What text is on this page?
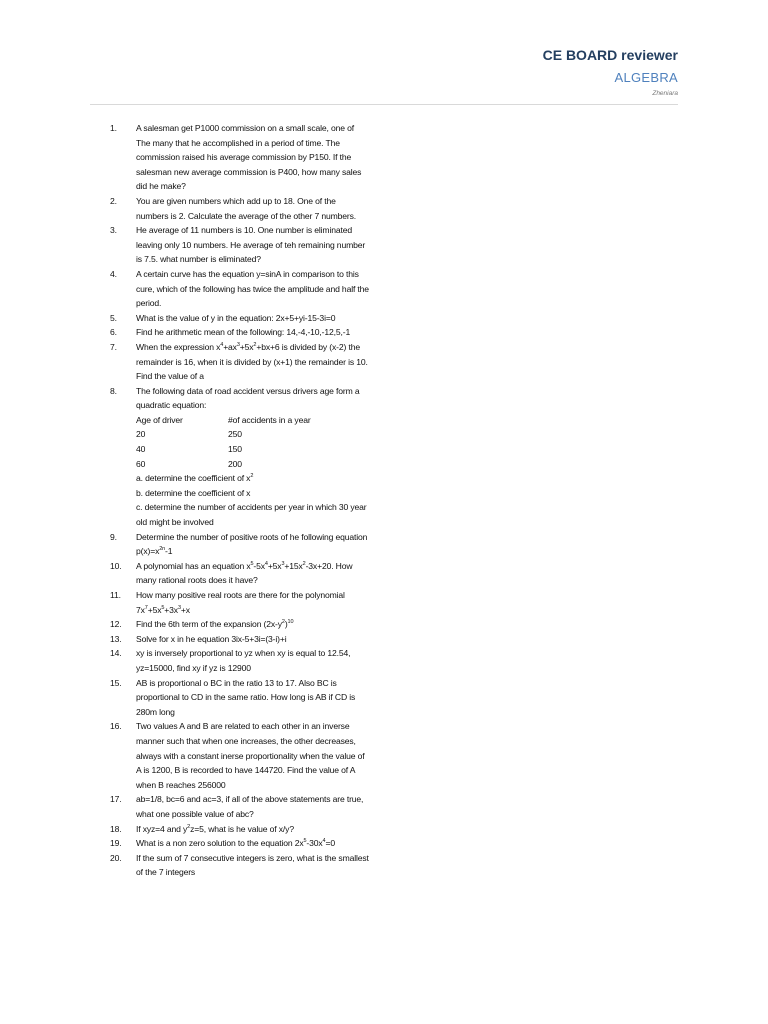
CE BOARD reviewer
ALGEBRA
Zheniara
1.	A salesman get P1000 commission on a small scale, one of The many that he accomplished in a period of time. The commission raised his average commission by P150. If the salesman new average commission is P400, how many sales did he make?

2.	You are given numbers which add up to 18. One of the numbers is 2. Calculate the average of the other 7 numbers.

3.	He average of 11 numbers is 10. One number is eliminated leaving only 10 numbers. He average of teh remaining number is 7.5. what number is eliminated?

4.	A certain curve has the equation y=sinA in comparison to this cure, which of the following has twice the amplitude and half the period.

5.	What is the value of y in the equation: 2x+5+yi-15-3i=0

6.	Find he arithmetic mean of the following: 14,-4,-10,-12,5,-1

7.	When the expression $x^4+ax^3+5x^2+bx+6$ is divided by (x-2) the remainder is 16, when it is divided by (x+1) the remainder is 10. Find the value of a

8.	The following data of road accident versus drivers age form a quadratic equation:

Age of driver	#of accidents in a year
20	250
40	150
60	200

a. determine the coefficient of $x^2$

b. determine the coefficient of x

c. determine the number of accidents per year in which 30 year old might be involved

9.	Determine the number of positive roots of he following equation $p(x)=x^{2n}-1$

10.	A polynomial has an equation $x^5-5x^4+5x^3+15x^2-3x+20$. How many rational roots does it have?

11.	How many positive real roots are there for the polynomial $7x^7+5x^5+3x^3+x$

12.	Find the 6th term of the expansion $(2x-y^2)^{10}$

13.	Solve for x in he equation 3ix-5+3i=(3-i)+i

14.	xy is inversely proportional to yz when xy is equal to 12.54, yz=15000, find xy if yz is 12900

15.	AB is proportional o BC in the ratio 13 to 17. Also BC is proportional to CD in the same ratio. How long is AB if CD is 280m long

16.	Two values A and B are related to each other in an inverse manner such that when one increases, the other decreases, always with a constant inerse proportionality when the value of A is 1200, B is recorded to have 144720. Find the value of A when B reaches 256000

17.	ab=1/8, bc=6 and ac=3, if all of the above statements are true, what one possible value of abc?

18.	If xyz=4 and $y^2z=5$, what is he value of x/y?

19.	What is a non zero solution to the equation $2x^5-30x^4=0$

20.	If the sum of 7 consecutive integers is zero, what is the smallest of the 7 integers
